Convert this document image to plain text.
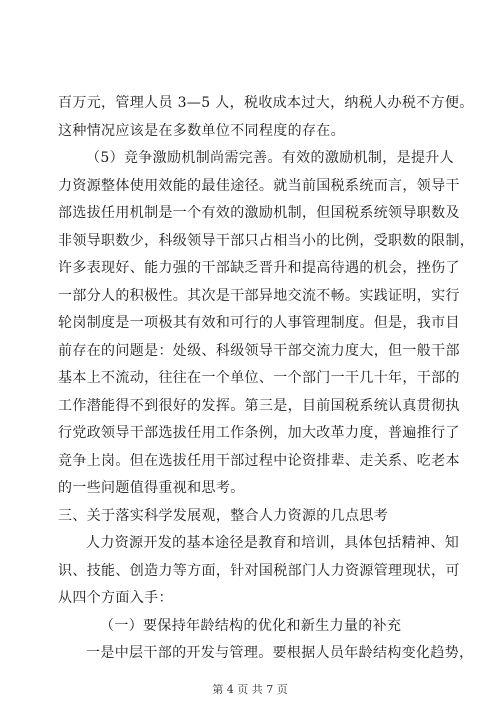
百万元，管理人员 3—5 人，税收成本过大，纳税人办税不方便。
这种情况应该是在多数单位不同程度的存在。
（5）竞争激励机制尚需完善。有效的激励机制，是提升人
力资源整体使用效能的最佳途径。就当前国税系统而言，领导干
部选拔任用机制是一个有效的激励机制，但国税系统领导职数及
非领导职数少，科级领导干部只占相当小的比例，受职数的限制，
许多表现好、能力强的干部缺乏晋升和提高待遇的机会，挫伤了
一部分人的积极性。其次是干部异地交流不畅。实践证明，实行
轮岗制度是一项极其有效和可行的人事管理制度。但是，我市目
前存在的问题是：处级、科级领导干部交流力度大，但一般干部
基本上不流动，往往在一个单位、一个部门一干几十年，干部的
工作潜能得不到很好的发挥。第三是，目前国税系统认真贯彻执
行党政领导干部选拔任用工作条例，加大改革力度，普遍推行了
竞争上岗。但在选拔任用干部过程中论资排辈、走关系、吃老本
的一些问题值得重视和思考。
三、关于落实科学发展观，整合人力资源的几点思考
人力资源开发的基本途径是教育和培训，具体包括精神、知
识、技能、创造力等方面，针对国税部门人力资源管理现状，可
从四个方面入手：
（一）要保持年龄结构的优化和新生力量的补充
一是中层干部的开发与管理。要根据人员年龄结构变化趋势，
第 4 页 共 7 页
